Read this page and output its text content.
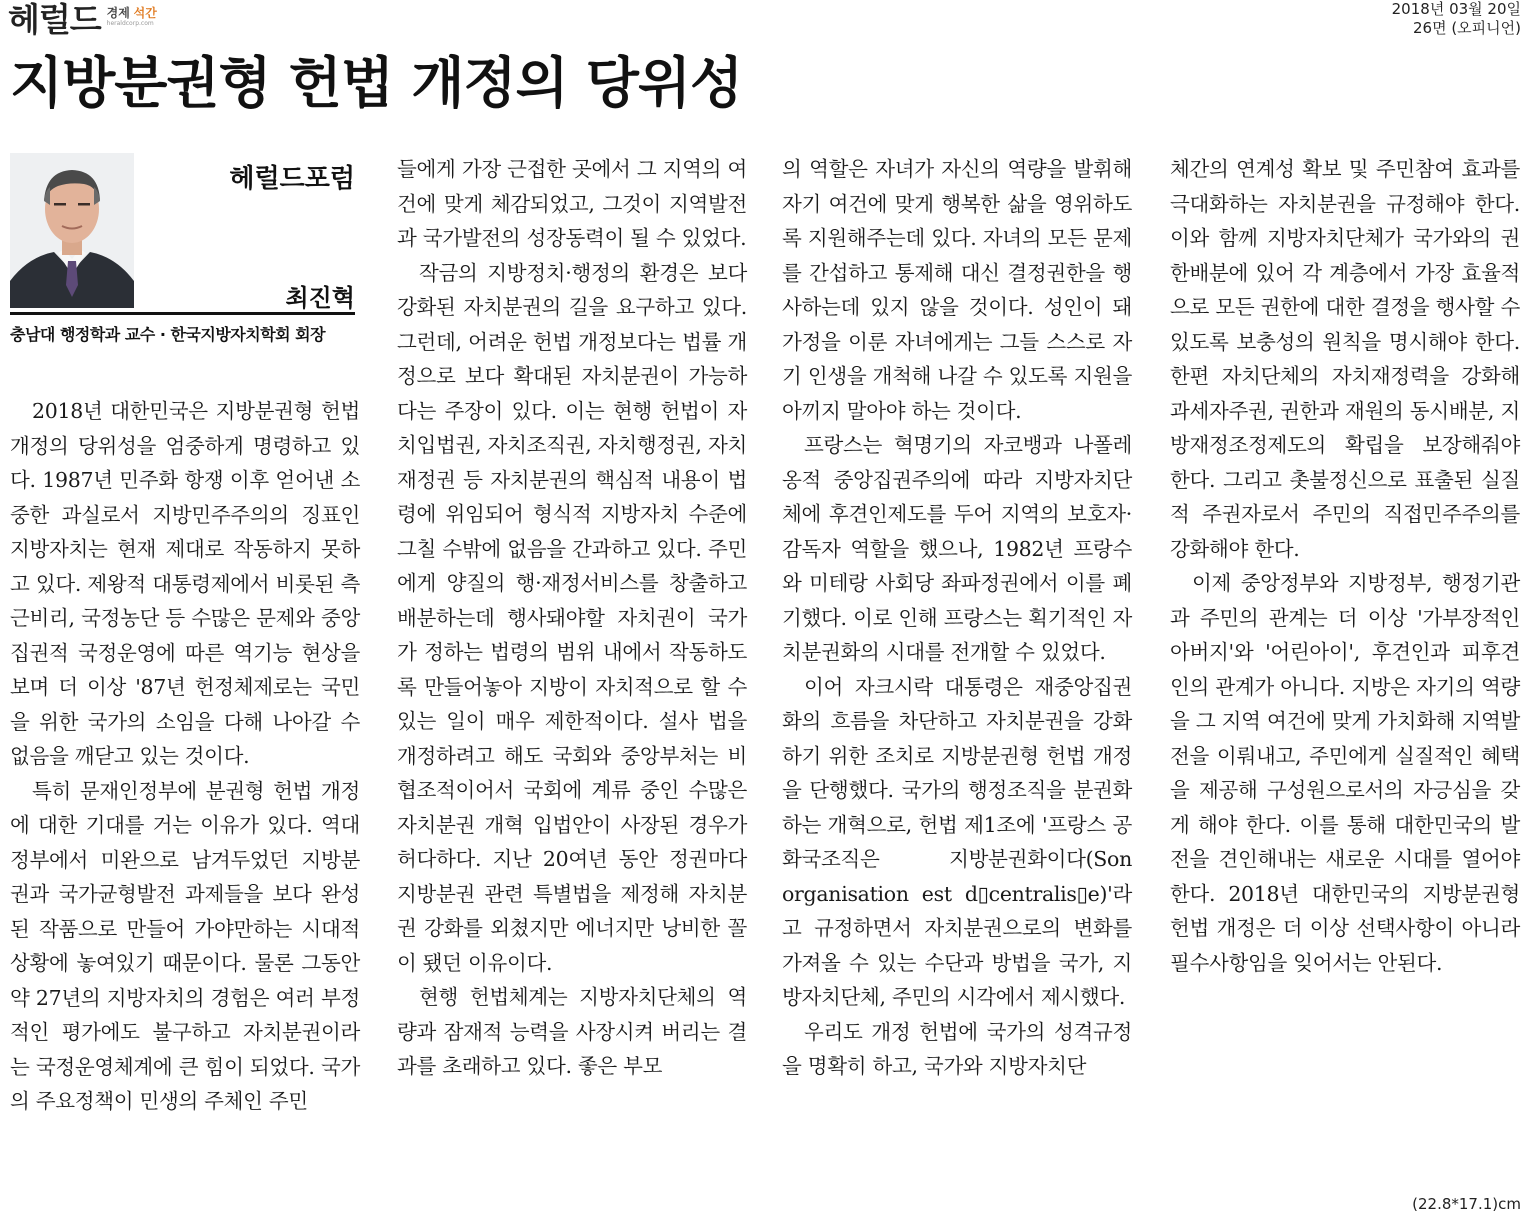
헤럴드 경제 석간
heraldcorp.com
2018년 03월 20일
26면 (오피니언)
지방분권형 헌법 개정의 당위성
헤럴드포럼
최진혁
충남대 행정학과 교수 · 한국지방자치학회 회장

2018년 대한민국은 지방분권형 헌법 개정의 당위성을 엄중하게 명령하고 있다. 1987년 민주화 항쟁 이후 얻어낸 소중한 과실로서 지방민주주의의 징표인 지방자치는 현재 제대로 작동하지 못하고 있다. 제왕적 대통령제에서 비롯된 측근비리, 국정농단 등 수많은 문제와 중앙집권적 국정운영에 따른 역기능 현상을 보며 더 이상 '87년 헌정체제로는 국민을 위한 국가의 소임을 다해 나아갈 수 없음을 깨닫고 있는 것이다.

특히 문재인정부에 분권형 헌법 개정에 대한 기대를 거는 이유가 있다. 역대 정부에서 미완으로 남겨두었던 지방분권과 국가균형발전 과제들을 보다 완성된 작품으로 만들어 가야만하는 시대적 상황에 놓여있기 때문이다. 물론 그동안 약 27년의 지방자치의 경험은 여러 부정적인 평가에도 불구하고 자치분권이라는 국정운영체계에 큰 힘이 되었다. 국가의 주요정책이 민생의 주체인 주민

들에게 가장 근접한 곳에서 그 지역의 여건에 맞게 체감되었고, 그것이 지역발전과 국가발전의 성장동력이 될 수 있었다.

작금의 지방정치·행정의 환경은 보다 강화된 자치분권의 길을 요구하고 있다. 그런데, 어려운 헌법 개정보다는 법률 개정으로 보다 확대된 자치분권이 가능하다는 주장이 있다. 이는 현행 헌법이 자치입법권, 자치조직권, 자치행정권, 자치재정권 등 자치분권의 핵심적 내용이 법령에 위임되어 형식적 지방자치 수준에 그칠 수밖에 없음을 간과하고 있다. 주민에게 양질의 행·재정서비스를 창출하고 배분하는데 행사돼야할 자치권이 국가가 정하는 법령의 범위 내에서 작동하도록 만들어놓아 지방이 자치적으로 할 수 있는 일이 매우 제한적이다. 설사 법을 개정하려고 해도 국회와 중앙부처는 비협조적이어서 국회에 계류 중인 수많은 자치분권 개혁 입법안이 사장된 경우가 허다하다. 지난 20여년 동안 정권마다 지방분권 관련 특별법을 제정해 자치분권 강화를 외쳤지만 에너지만 낭비한 꼴이 됐던 이유이다.

현행 헌법체계는 지방자치단체의 역량과 잠재적 능력을 사장시켜 버리는 결과를 초래하고 있다. 좋은 부모

의 역할은 자녀가 자신의 역량을 발휘해 자기 여건에 맞게 행복한 삶을 영위하도록 지원해주는데 있다. 자녀의 모든 문제를 간섭하고 통제해 대신 결정권한을 행사하는데 있지 않을 것이다. 성인이 돼 가정을 이룬 자녀에게는 그들 스스로 자기 인생을 개척해 나갈 수 있도록 지원을 아끼지 말아야 하는 것이다.

프랑스는 혁명기의 자코뱅과 나폴레옹적 중앙집권주의에 따라 지방자치단체에 후견인제도를 두어 지역의 보호자·감독자 역할을 했으나, 1982년 프랑수와 미테랑 사회당 좌파정권에서 이를 폐기했다. 이로 인해 프랑스는 획기적인 자치분권화의 시대를 전개할 수 있었다.

이어 자크시락 대통령은 재중앙집권화의 흐름을 차단하고 자치분권을 강화하기 위한 조치로 지방분권형 헌법 개정을 단행했다. 국가의 행정조직을 분권화하는 개혁으로, 헌법 제1조에 '프랑스 공화국조직은 지방분권화이다(Son organisation est d▯centralis▯e)'라고 규정하면서 자치분권으로의 변화를 가져올 수 있는 수단과 방법을 국가, 지방자치단체, 주민의 시각에서 제시했다.

우리도 개정 헌법에 국가의 성격규정을 명확히 하고, 국가와 지방자치단

체간의 연계성 확보 및 주민참여 효과를 극대화하는 자치분권을 규정해야 한다. 이와 함께 지방자치단체가 국가와의 권한배분에 있어 각 계층에서 가장 효율적으로 모든 권한에 대한 결정을 행사할 수 있도록 보충성의 원칙을 명시해야 한다. 한편 자치단체의 자치재정력을 강화해 과세자주권, 권한과 재원의 동시배분, 지방재정조정제도의 확립을 보장해줘야 한다. 그리고 촛불정신으로 표출된 실질적 주권자로서 주민의 직접민주주의를 강화해야 한다.

이제 중앙정부와 지방정부, 행정기관과 주민의 관계는 더 이상 '가부장적인 아버지'와 '어린아이', 후견인과 피후견인의 관계가 아니다. 지방은 자기의 역량을 그 지역 여건에 맞게 가치화해 지역발전을 이뤄내고, 주민에게 실질적인 혜택을 제공해 구성원으로서의 자긍심을 갖게 해야 한다. 이를 통해 대한민국의 발전을 견인해내는 새로운 시대를 열어야 한다. 2018년 대한민국의 지방분권형 헌법 개정은 더 이상 선택사항이 아니라 필수사항임을 잊어서는 안된다.

(22.8*17.1)cm
